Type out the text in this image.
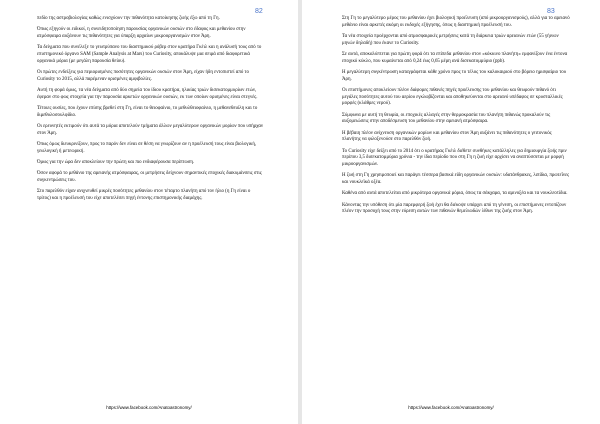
82

πεδίο της αστροβιολογίας καθώς ενισχύουν την πιθανότητα κατοίκησης ζωής έξω από τη Γη.

Όπως εξηγούν οι ειδικοί, η συνειδητοποίηση παρουσίας οργανικών ουσιών στο έδαφος και μεθανίου στην ατμόσφαιρα αυξάνουν τις πιθανότητες για ύπαρξη αρχαίων μικροοργανισμών στον Άρη.

Τα δείγματα που συνέλεξε το γεωτρύπανο του διαστημικού ρόβερ στον κρατήρα Γκέιλ και η ανάλυσή τους από το επιστημονικό όργανο SAM (Sample Analysis at Mars) του Curiosity, αποκάλυψε μια σειρά από διαφορετικά οργανικά μόρια (με μεγάλη παρουσία θείου).

Οι πρώτες ενδείξεις για περιορισμένες ποσότητες οργανικών ουσιών στον Άρη, είχαν ήδη εντοπιστεί από το Curiosity το 2015, αλλά παρέμεναν ορισμένες αμφιβολίες.

Αυτή τη φορά όμως, τα νέα δείγματα από δύο σημεία του ίδιου κρατήρα, ηλικίας τριών δισεκατομμυρίων ετών, έφεραν στο φως στοιχεία για την παρουσία αρκετών οργανικών ουσιών, εκ των οποίων ορισμένες είναι στεγνές.

Τέτοιες ουσίες, που έχουν επίσης βρεθεί στη Γη, είναι το θειοφαίνιο, το μεθυλθειοφαίνιο, η μεθανεθειόλη και το διμεθυλοσουλφίδιο.

Οι ερευνητές εκτιμούν ότι αυτά τα μόρια αποτελούν τμήματα άλλων μεγαλύτερων οργανικών μορίων που υπήρχαν στον Άρη.

Όπως όμως διευκρινίζουν, προς το παρόν δεν είναι σε θέση να γνωρίζουν αν η προέλευσή τους είναι βιολογική, γεωλογική ή μετεωρική.

Όμως για την ώρα δεν αποκλείουν την πρώτη και πιο ενδιαφέρουσα περίπτωση.

Όσον αφορά το μεθάνιο της αρειανής ατμόσφαιρας, οι μετρήσεις δείχνουν σημαντικές εποχικές διακυμάνσεις στις συγκεντρώσεις του.

Στο παρελθόν είχαν ανιχνευθεί μικρές ποσότητες μεθανίου στον τέταρτο πλανήτη από τον ήλιο (η Γη είναι ο τρίτος) και η προέλευσή του είχε αποτελέσει πηγή έντονης επιστημονικής διαμάχης.

https://www.facebook.com/Anatoastronomy/
83

Στη Γη το μεγαλύτερο μέρος του μεθανίου έχει βιολογική προέλευση (από μικροοργανισμούς), αλλά για το αρειανό μεθάνιο είναι αρκετές ακόμη οι εκδοχές εξήγησης, όπως η διαστημική προέλευσή του.

Τα νέα στοιχεία προέρχονται από ατμοσφαιρικές μετρήσεις κατά τη διάρκεια τριών αρειανών ετών (55 γήινων μηνών δηλαδή) που έκανε το Curiosity.

Σε αυτά, αποκαλύπτεται για πρώτη φορά ότι τα επίπεδα μεθανίου στον «κόκκινο πλανήτη» εμφανίζουν ένα έντονα εποχικό κύκλο, που κυμαίνεται από 0,24 έως 0,65 μέρη ανά δισεκατομμύριο (ppb).

Η μεγαλύτερη συγκέντρωση καταγράφεται κάθε χρόνο προς το τέλος του καλοκαιριού στο βόρειο ημισφαίριο του Άρη.

Οι επιστήμονες αποκλείουν πλέον διάφορες πιθανές πηγές προέλευσης του μεθανίου και θεωρούν πιθανό ότι μεγάλες ποσότητες αυτού του αερίου εγκλωβίζονται και αποθηκεύονται στο αρειανό υπέδαφος σε κρυσταλλικές μορφές (κλάθρες νερού).

Σύμφωνα με αυτή τη θεωρία, οι εποχικές αλλαγές στην θερμοκρασία του πλανήτη πιθανώς προκαλούν τις αυξομειώσεις στην αποδέσμευση του μεθανίου στην αρειανή ατμόσφαιρα.

Η βέβαιη πλέον ανίχνευση οργανικών μορίων και μεθανίου στον Άρη αυξάνει τις πιθανότητες ο γειτονικός πλανήτης να φιλοξενούσε στο παρελθόν ζωή.

Το Curiosity είχε δείξει από το 2014 ότι ο κρατήρας Γκέιλ διέθετε συνθήκες κατάλληλες για δημιουργία ζωής πριν περίπου 3,5 δισεκατομμύρια χρόνια - την ίδια περίοδο που στη Γη η ζωή είχε αρχίσει να αναπτύσσεται με μορφή μικροοργανισμών.

Η ζωή στη Γη χρησιμοποιεί και παράγει τέσσερα βασικά είδη οργανικών ουσιών: υδατάνθρακες, λιπίδια, πρωτεΐνες και νουκλεϊκά οξέα.

Καθένα από αυτά αποτελείται από μικρότερα οργανικά μόρια, όπως τα σάκχαρα, τα αμινοξέα και τα νουκλεοτίδια.

Κάνοντας την υπόθεση ότι μία παρεμφερή ζωή έχει θα διέκοψε υπάρχει από τη γένεση, οι επιστήμονες εντοπίζουν πλέον την προσοχή τους στην εύρεση αυτών των πιθανών θεμελιωδών λίθων της ζωής στον Άρη.

https://www.facebook.com/Anatoastronomy/
